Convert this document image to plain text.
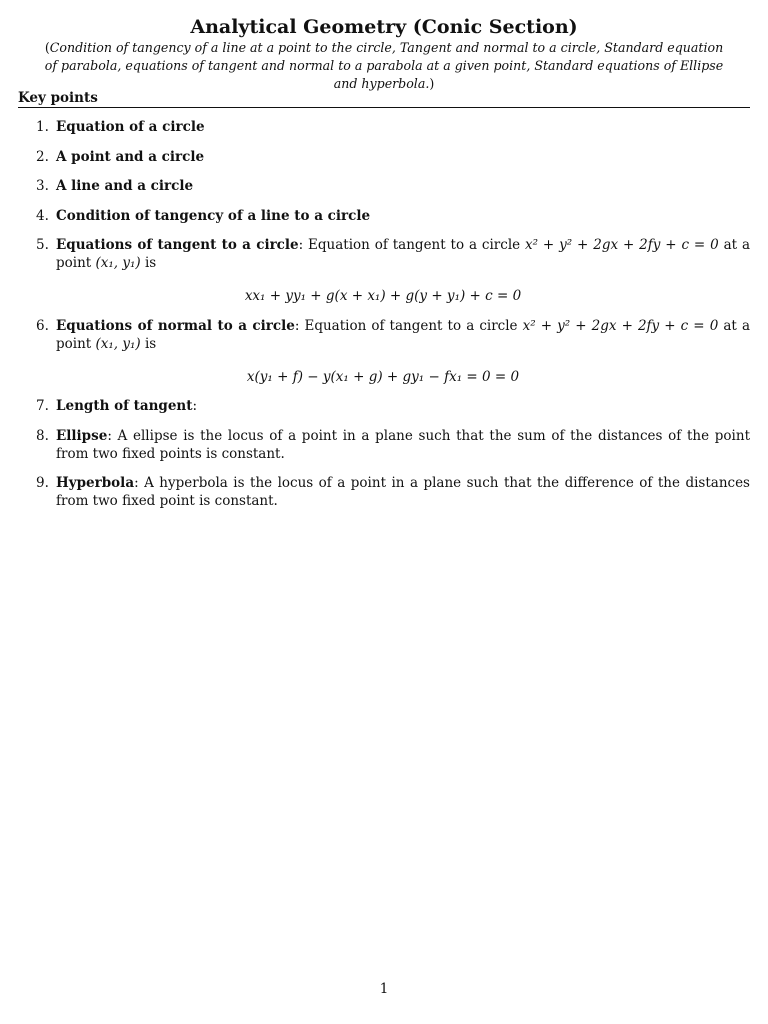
Analytical Geometry (Conic Section)

(Condition of tangency of a line at a point to the circle, Tangent and normal to a circle, Standard equation of parabola, equations of tangent and normal to a parabola at a given point, Standard equations of Ellipse and hyperbola.)

Key points
1. Equation of a circle
2. A point and a circle
3. A line and a circle
4. Condition of tangency of a line to a circle
5. Equations of tangent to a circle: Equation of tangent to a circle x² + y² + 2gx + 2fy + c = 0 at a point (x₁, y₁) is
xx₁ + yy₁ + g(x + x₁) + g(y + y₁) + c = 0
6. Equations of normal to a circle: Equation of tangent to a circle x² + y² + 2gx + 2fy + c = 0 at a point (x₁, y₁) is
x(y₁ + f) − y(x₁ + g) + gy₁ − fx₁ = 0 = 0
7. Length of tangent:
8. Ellipse: A ellipse is the locus of a point in a plane such that the sum of the distances of the point from two fixed points is constant.
9. Hyperbola: A hyperbola is the locus of a point in a plane such that the difference of the distances from two fixed point is constant.
1
